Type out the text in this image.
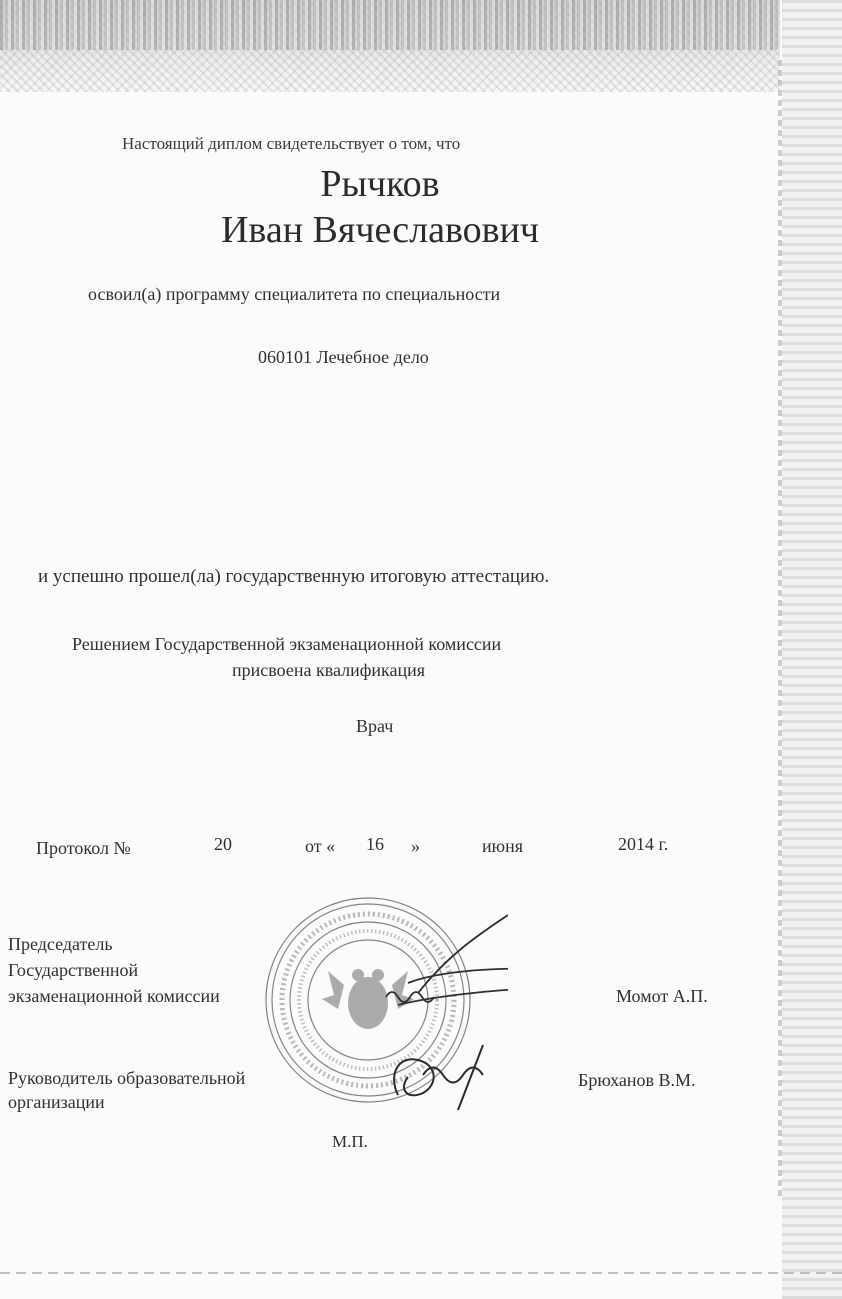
Настоящий диплом свидетельствует о том, что
Рычков
Иван Вячеславович
освоил(а) программу специалитета по специальности
060101 Лечебное дело
и успешно прошел(ла) государственную итоговую аттестацию.
Решением Государственной экзаменационной комиссии
присвоена квалификация
Врач
Протокол №	20	от « 16 »	июня	2014 г.
Председатель
Государственной
экзаменационной комиссии	Момот А.П.
Руководитель образовательной
организации
Брюханов В.М.
М.П.
